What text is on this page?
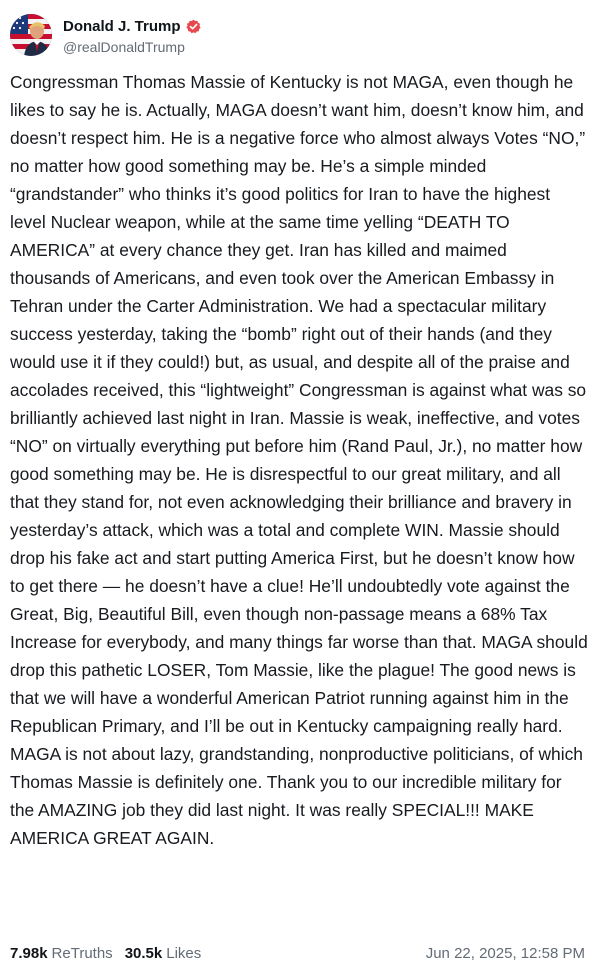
Donald J. Trump
@realDonaldTrump
Congressman Thomas Massie of Kentucky is not MAGA, even though he likes to say he is. Actually, MAGA doesn’t want him, doesn’t know him, and doesn’t respect him. He is a negative force who almost always Votes “NO,” no matter how good something may be. He’s a simple minded “grandstander” who thinks it’s good politics for Iran to have the highest level Nuclear weapon, while at the same time yelling “DEATH TO AMERICA” at every chance they get. Iran has killed and maimed thousands of Americans, and even took over the American Embassy in Tehran under the Carter Administration. We had a spectacular military success yesterday, taking the “bomb” right out of their hands (and they would use it if they could!) but, as usual, and despite all of the praise and accolades received, this “lightweight” Congressman is against what was so brilliantly achieved last night in Iran. Massie is weak, ineffective, and votes “NO” on virtually everything put before him (Rand Paul, Jr.), no matter how good something may be. He is disrespectful to our great military, and all that they stand for, not even acknowledging their brilliance and bravery in yesterday’s attack, which was a total and complete WIN. Massie should drop his fake act and start putting America First, but he doesn’t know how to get there — he doesn’t have a clue! He’ll undoubtedly vote against the Great, Big, Beautiful Bill, even though non-passage means a 68% Tax Increase for everybody, and many things far worse than that. MAGA should drop this pathetic LOSER, Tom Massie, like the plague! The good news is that we will have a wonderful American Patriot running against him in the Republican Primary, and I’ll be out in Kentucky campaigning really hard. MAGA is not about lazy, grandstanding, nonproductive politicians, of which Thomas Massie is definitely one. Thank you to our incredible military for the AMAZING job they did last night. It was really SPECIAL!!! MAKE AMERICA GREAT AGAIN.
7.98k ReTruths 30.5k Likes	Jun 22, 2025, 12:58 PM
